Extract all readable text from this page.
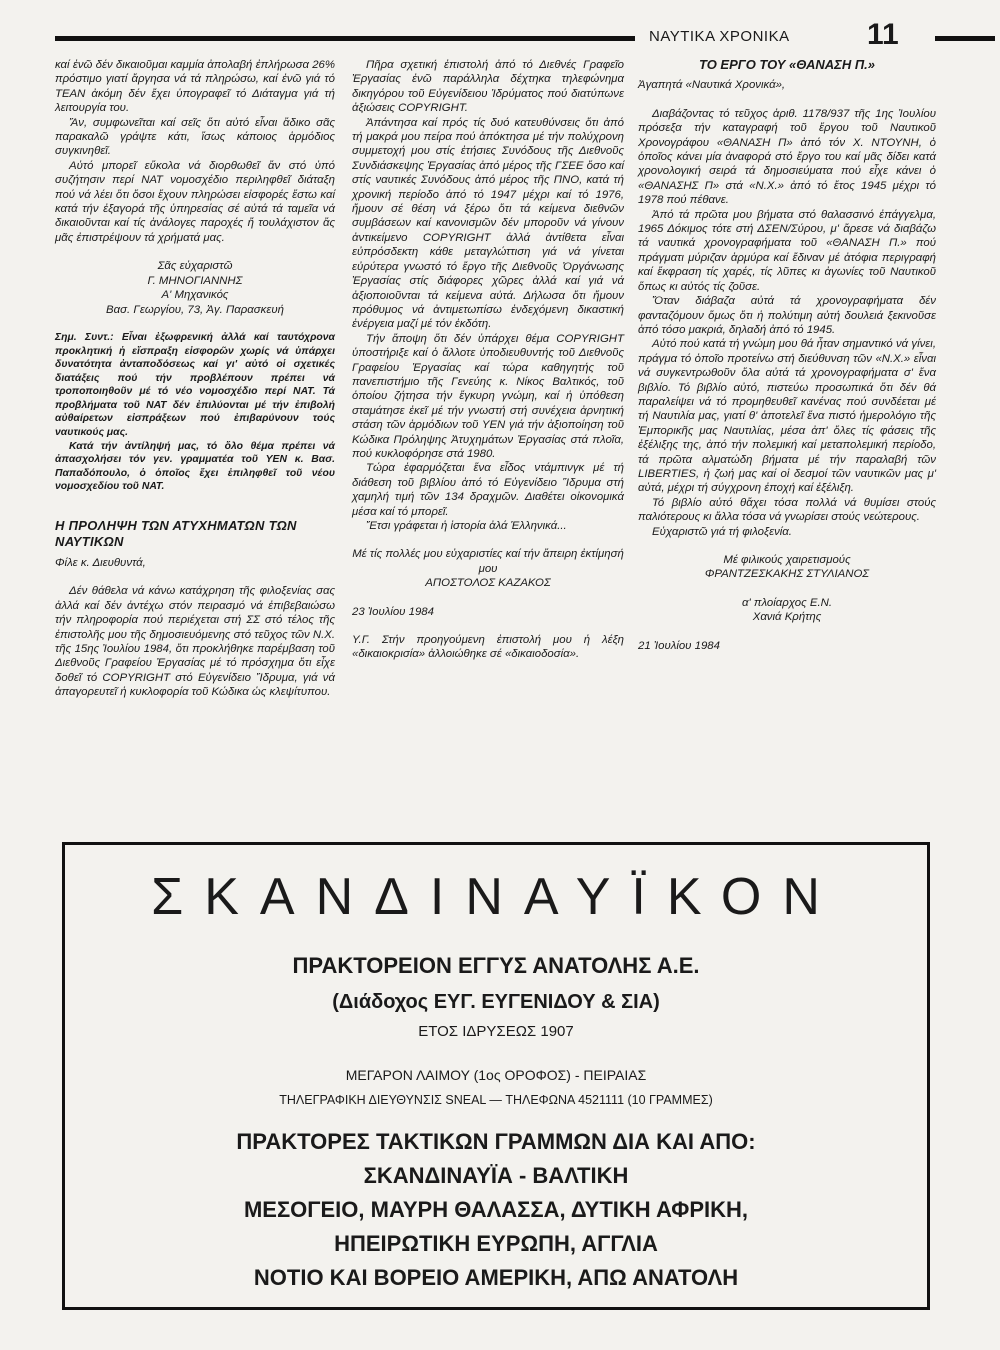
ΝΑΥΤΙΚΑ ΧΡΟΝΙΚΑ	11

καί ἐνῶ δέν δικαιοῦμαι καμμία ἀπολαβή ἐπλήρωσα 26% πρόστιμο γιατί ἄργησα νά τά πληρώσω, καί ἐνῶ γιά τό ΤΕΑΝ ἀκόμη δέν ἔχει ὑπογραφεῖ τό Διάταγμα γιά τή λειτουργία του.

Ἄν, συμφωνεῖται καί σεῖς ὅτι αὐτό εἶναι ἄδικο σᾶς παρακαλῶ γράψτε κάτι, ἴσως κάποιος ἁρμόδιος συγκινηθεῖ.

Αὐτό μπορεῖ εὔκολα νά διορθωθεῖ ἄν στό ὑπό συζήτησιν περί ΝΑΤ νομοσχέδιο περιληφθεῖ διάταξη πού νά λέει ὅτι ὅσοι ἔχουν πληρώσει εἰσφορές ἔστω καί κατά τήν ἐξαγορά τῆς ὑπηρεσίας σέ αὐτά τά ταμεῖα νά δικαιοῦνται καί τίς ἀνάλογες παροχές ἤ τουλάχιστον ἄς μᾶς ἐπιστρέψουν τά χρήματά μας.

Σᾶς εὐχαριστῶ

Γ. ΜΗΝΟΓΙΑΝΝΗΣ

Α' Μηχανικός

Βασ. Γεωργίου, 73, Ἁγ. Παρασκευή

Σημ. Συντ.: Εἶναι ἐξωφρενική ἀλλά καί ταυτόχρονα προκλητική ἡ εἴσπραξη εἰσφορῶν χωρίς νά ὑπάρχει δυνατότητα ἀνταποδόσεως καί γι' αὐτό οἱ σχετικές διατάξεις πού τήν προβλέπουν πρέπει νά τροποποιηθοῦν μέ τό νέο νομοσχέδιο περί ΝΑΤ. Τά προβλήματα τοῦ ΝΑΤ δέν ἐπιλύονται μέ τήν ἐπιβολή αὐθαίρετων εἰσπράξεων πού ἐπιβαρύνουν τούς ναυτικούς μας.

Κατά τήν ἀντίληψή μας, τό ὅλο θέμα πρέπει νά ἀπασχολήσει τόν γεν. γραμματέα τοῦ ΥΕΝ κ. Βασ. Παπαδόπουλο, ὁ ὁποῖος ἔχει ἐπιληφθεῖ τοῦ νέου νομοσχεδίου τοῦ ΝΑΤ.

Η ΠΡΟΛΗΨΗ ΤΩΝ ΑΤΥΧΗΜΑΤΩΝ ΤΩΝ ΝΑΥΤΙΚΩΝ

Φίλε κ. Διευθυντά,

Δέν θάθελα νά κάνω κατάχρηση τῆς φιλοξενίας σας ἀλλά καί δέν ἀντέχω στόν πειρασμό νά ἐπιβεβαιώσω τήν πληροφορία πού περιέχεται στή ΣΣ στό τέλος τῆς ἐπιστολῆς μου τῆς δημοσιευόμενης στό τεῦχος τῶν Ν.Χ. τῆς 15ης Ἰουλίου 1984, ὅτι προκλήθηκε παρέμβαση τοῦ Διεθνοῦς Γραφείου Ἐργασίας μέ τό πρόσχημα ὅτι εἶχε δοθεῖ τό COPYRIGHT στό Εὐγενίδειο Ἵδρυμα, γιά νά ἀπαγορευτεῖ ἡ κυκλοφορία τοῦ Κώδικα ὡς κλεψίτυπου.

Πῆρα σχετική ἐπιστολή ἀπό τό Διεθνές Γραφεῖο Ἐργασίας ἐνῶ παράλληλα δέχτηκα τηλεφώνημα δικηγόρου τοῦ Εὐγενίδειου Ἱδρύματος πού διατύπωνε ἀξιώσεις COPYRIGHT.

Ἀπάντησα καί πρός τίς δυό κατευθύνσεις ὅτι ἀπό τή μακρά μου πείρα πού ἀπόκτησα μέ τήν πολύχρονη συμμετοχή μου στίς ἐτήσιες Συνόδους τῆς Διεθνοῦς Συνδιάσκεψης Ἐργασίας ἀπό μέρος τῆς ΓΣΕΕ ὅσο καί στίς ναυτικές Συνόδους ἀπό μέρος τῆς ΠΝΟ, κατά τή χρονική περίοδο ἀπό τό 1947 μέχρι καί τό 1976, ἤμουν σέ θέση νά ξέρω ὅτι τά κείμενα διεθνῶν συμβάσεων καί κανονισμῶν δέν μποροῦν νά γίνουν ἀντικείμενο COPYRIGHT ἀλλά ἀντίθετα εἶναι εὐπρόσδεκτη κάθε μεταγλώττιση γιά νά γίνεται εὐρύτερα γνωστό τό ἔργο τῆς Διεθνοῦς Ὀργάνωσης Ἐργασίας στίς διάφορες χῶρες ἀλλά καί γιά νά ἀξιοποιοῦνται τά κείμενα αὐτά. Δήλωσα ὅτι ἤμουν πρόθυμος νά ἀντιμετωπίσω ἐνδεχόμενη δικαστική ἐνέργεια μαζί μέ τόν ἐκδότη.

Τήν ἄποψη ὅτι δέν ὑπάρχει θέμα COPYRIGHT ὑποστήριξε καί ὁ ἄλλοτε ὑποδιευθυντής τοῦ Διεθνοῦς Γραφείου Ἐργασίας καί τώρα καθηγητής τοῦ πανεπιστήμιο τῆς Γενεύης κ. Νίκος Βαλτικός, τοῦ ὁποίου ζήτησα τήν ἔγκυρη γνώμη, καί ἡ ὑπόθεση σταμάτησε ἐκεῖ μέ τήν γνωστή στή συνέχεια ἀρνητική στάση τῶν ἁρμόδιων τοῦ ΥΕΝ γιά τήν ἀξιοποίηση τοῦ Κώδικα Πρόληψης Ἀτυχημάτων Ἐργασίας στά πλοῖα, πού κυκλοφόρησε στά 1980.

Τώρα ἐφαρμόζεται ἕνα εἶδος ντάμπινγκ μέ τή διάθεση τοῦ βιβλίου ἀπό τό Εὐγενίδειο Ἵδρυμα στή χαμηλή τιμή τῶν 134 δραχμῶν. Διαθέτει οἰκονομικά μέσα καί τό μπορεῖ.

Ἔτσι γράφεται ἡ ἱστορία ἀλά Ἑλληνικά...

Μέ τίς πολλές μου εὐχαριστίες καί τήν ἄπειρη ἐκτίμησή μου

ΑΠΟΣΤΟΛΟΣ ΚΑΖΑΚΟΣ

23 Ἰουλίου 1984

Υ.Γ. Στήν προηγούμενη ἐπιστολή μου ἡ λέξη «δικαιοκρισία» ἀλλοιώθηκε σέ «δικαιοδοσία».

ΤΟ ΕΡΓΟ ΤΟΥ «ΘΑΝΑΣΗ Π.»

Ἀγαπητά «Ναυτικά Χρονικά»,

Διαβάζοντας τό τεῦχος ἀριθ. 1178/937 τῆς 1ης Ἰουλίου πρόσεξα τήν καταγραφή τοῦ ἔργου τοῦ Ναυτικοῦ Χρονογράφου «ΘΑΝΑΣΗ Π» ἀπό τόν Χ. ΝΤΟΥΝΗ, ὁ ὁποῖος κάνει μία ἀναφορά στό ἔργο του καί μᾶς δίδει κατά χρονολογική σειρά τά δημοσιεύματα πού εἶχε κάνει ὁ «ΘΑΝΑΣΗΣ Π» στά «Ν.Χ.» ἀπό τό ἔτος 1945 μέχρι τό 1978 πού πέθανε.

Ἀπό τά πρῶτα μου βήματα στό θαλασσινό ἐπάγγελμα, 1965 Δόκιμος τότε στή ΔΣΕΝ/Σύρου, μ' ἄρεσε νά διαβάζω τά ναυτικά χρονογραφήματα τοῦ «ΘΑΝΑΣΗ Π.» πού πράγματι μύριζαν ἁρμύρα καί ἔδιναν μέ ἀτόφια περιγραφή καί ἔκφραση τίς χαρές, τίς λῦπες κι ἀγωνίες τοῦ Ναυτικοῦ ὅπως κι αὐτός τίς ζοῦσε.

Ὅταν διάβαζα αὐτά τά χρονογραφήματα δέν φανταζόμουν ὅμως ὅτι ἡ πολύτιμη αὐτή δουλειά ξεκινοῦσε ἀπό τόσο μακριά, δηλαδή ἀπό τό 1945.

Αὐτό πού κατά τή γνώμη μου θά ἦταν σημαντικό νά γίνει, πράγμα τό ὁποῖο προτείνω στή διεύθυνση τῶν «Ν.Χ.» εἶναι νά συγκεντρωθοῦν ὅλα αὐτά τά χρονογραφήματα σ' ἕνα βιβλίο. Τό βιβλίο αὐτό, πιστεύω προσωπικά ὅτι δέν θά παραλείψει νά τό προμηθευθεῖ κανένας πού συνδέεται μέ τή Ναυτιλία μας, γιατί θ' ἀποτελεῖ ἕνα πιστό ἡμερολόγιο τῆς Ἐμπορικῆς μας Ναυτιλίας, μέσα ἀπ' ὅλες τίς φάσεις τῆς ἐξέλιξης της, ἀπό τήν πολεμική καί μεταπολεμική περίοδο, τά πρῶτα αλματώδη βήματα μέ τήν παραλαβή τῶν LIBERTIES, ἡ ζωή μας καί οἱ δεσμοί τῶν ναυτικῶν μας μ' αὐτά, μέχρι τή σύγχρονη ἐποχή καί ἐξέλιξη.

Τό βιβλίο αὐτό θἄχει τόσα πολλά νά θυμίσει στούς παλιότερους κι ἄλλα τόσα νά γνωρίσει στούς νεώτερους.

Εὐχαριστῶ γιά τή φιλοξενία.

Μέ φιλικούς χαιρετισμούς

ΦΡΑΝΤΖΕΣΚΑΚΗΣ ΣΤΥΛΙΑΝΟΣ

α' πλοίαρχος Ε.Ν.

Χανιά Κρήτης

21 Ἰουλίου 1984

ΣΚΑΝΔΙΝΑΥΪΚΟΝ
ΠΡΑΚΤΟΡΕΙΟΝ ΕΓΓΥΣ ΑΝΑΤΟΛΗΣ Α.Ε.
(Διάδοχος ΕΥΓ. ΕΥΓΕΝΙΔΟΥ & ΣΙΑ)
ΕΤΟΣ ΙΔΡΥΣΕΩΣ 1907
ΜΕΓΑΡΟΝ ΛΑΙΜΟΥ (1ος ΟΡΟΦΟΣ) - ΠΕΙΡΑΙΑΣ
ΤΗΛΕΓΡΑΦΙΚΗ ΔΙΕΥΘΥΝΣΙΣ SNEAL — ΤΗΛΕΦΩΝΑ 4521111 (10 ΓΡΑΜΜΕΣ)
ΠΡΑΚΤΟΡΕΣ ΤΑΚΤΙΚΩΝ ΓΡΑΜΜΩΝ ΔΙΑ ΚΑΙ ΑΠΟ:
ΣΚΑΝΔΙΝΑΥΪΑ - ΒΑΛΤΙΚΗ
ΜΕΣΟΓΕΙΟ, ΜΑΥΡΗ ΘΑΛΑΣΣΑ, ΔΥΤΙΚΗ ΑΦΡΙΚΗ,
ΗΠΕΙΡΩΤΙΚΗ ΕΥΡΩΠΗ, ΑΓΓΛΙΑ
ΝΟΤΙΟ ΚΑΙ ΒΟΡΕΙΟ ΑΜΕΡΙΚΗ, ΑΠΩ ΑΝΑΤΟΛΗ
